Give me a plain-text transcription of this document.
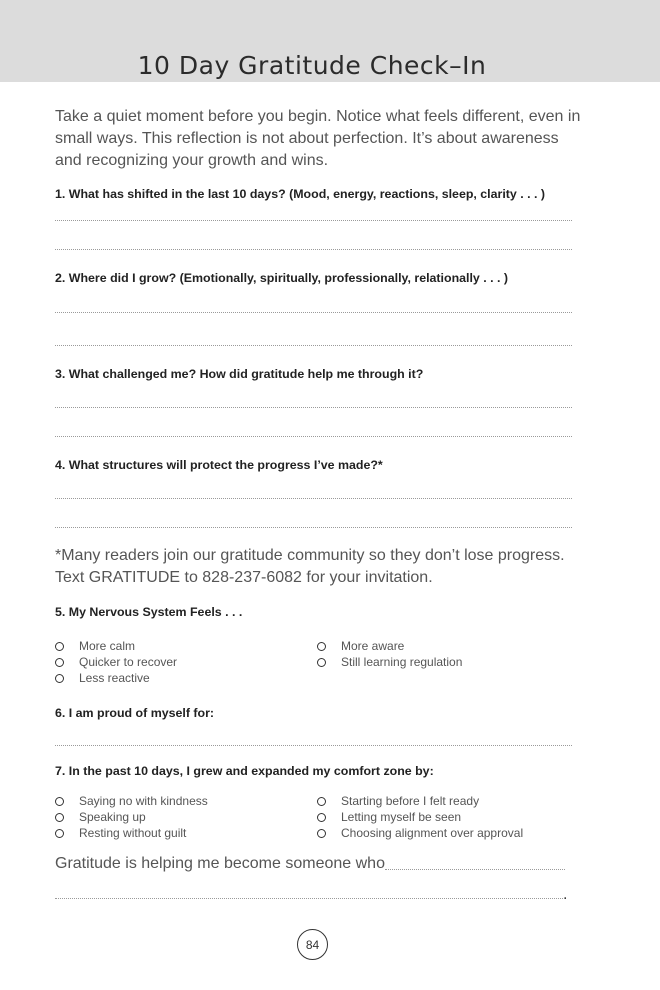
10 Day Gratitude Check–In
Take a quiet moment before you begin. Notice what feels different, even in small ways. This reflection is not about perfection. It’s about awareness and recognizing your growth and wins.
1. What has shifted in the last 10 days? (Mood, energy, reactions, sleep, clarity . . . )
2. Where did I grow? (Emotionally, spiritually, professionally, relationally . . . )
3. What challenged me? How did gratitude help me through it?
4. What structures will protect the progress I’ve made?*
*Many readers join our gratitude community so they don’t lose progress. Text GRATITUDE to 828-237-6082 for your invitation.
5. My Nervous System Feels . . .
More calm
Quicker to recover
Less reactive
More aware
Still learning regulation
6. I am proud of myself for:
7. In the past 10 days, I grew and expanded my comfort zone by:
Saying no with kindness
Speaking up
Resting without guilt
Starting before I felt ready
Letting myself be seen
Choosing alignment over approval
Gratitude is helping me become someone who
.
84
